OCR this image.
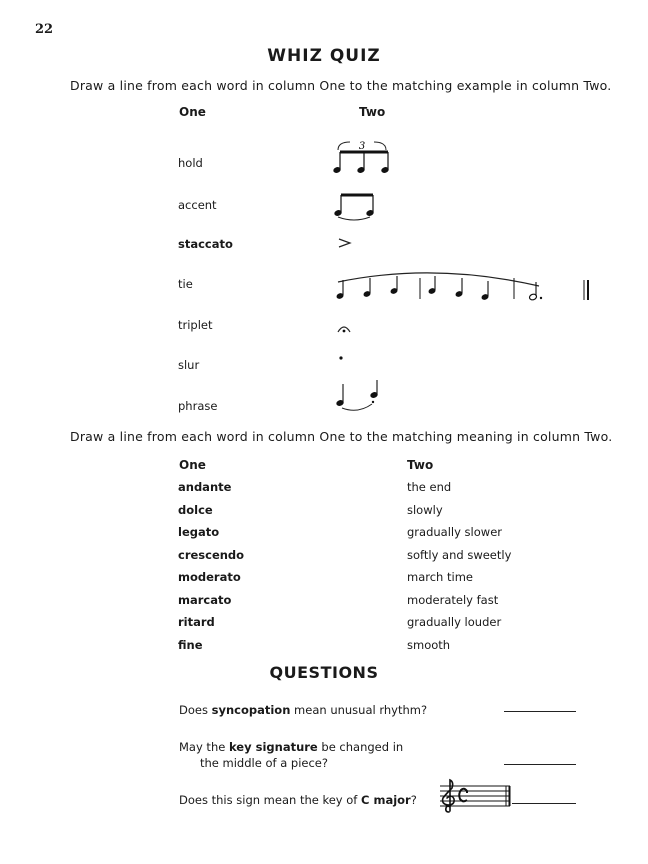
22
WHIZ QUIZ
Draw a line from each word in column One to the matching example in column Two.
One	Two
hold
accent
staccato
tie
triplet
slur
phrase
3
Draw a line from each word in column One to the matching meaning in column Two.
One	Two
andante
dolce
legato
crescendo
moderato
marcato
ritard
fine
the end
slowly
gradually slower
softly and sweetly
march time
moderately fast
gradually louder
smooth
QUESTIONS
Does syncopation mean unusual rhythm?
May the key signature be changed in
the middle of a piece?
Does this sign mean the key of C major?
